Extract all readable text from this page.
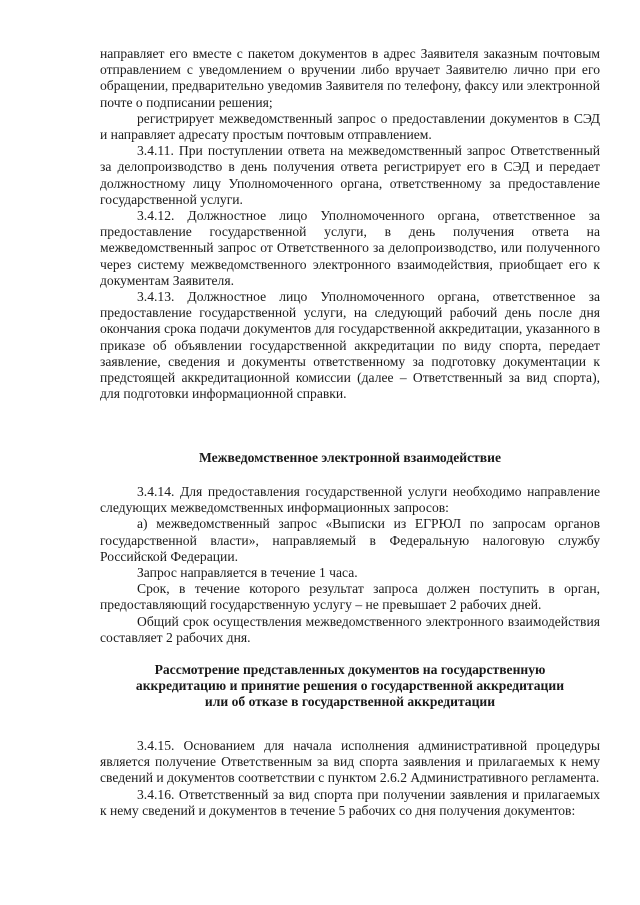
направляет его вместе с пакетом документов в адрес Заявителя заказным почтовым отправлением с уведомлением о вручении либо вручает Заявителю лично при его обращении, предварительно уведомив Заявителя по телефону, факсу или электронной почте о подписании решения;

регистрирует межведомственный запрос о предоставлении документов в СЭД и направляет адресату простым почтовым отправлением.

3.4.11. При поступлении ответа на межведомственный запрос Ответственный за делопроизводство в день получения ответа регистрирует его в СЭД и передает должностному лицу Уполномоченного органа, ответственному за предоставление государственной услуги.

3.4.12. Должностное лицо Уполномоченного органа, ответственное за предоставление государственной услуги, в день получения ответа на межведомственный запрос от Ответственного за делопроизводство, или полученного через систему межведомственного электронного взаимодействия, приобщает его к документам Заявителя.

3.4.13. Должностное лицо Уполномоченного органа, ответственное за предоставление государственной услуги, на следующий рабочий день после дня окончания срока подачи документов для государственной аккредитации, указанного в приказе об объявлении государственной аккредитации по виду спорта, передает заявление, сведения и документы ответственному за подготовку документации к предстоящей аккредитационной комиссии (далее – Ответственный за вид спорта), для подготовки информационной справки.

Межведомственное электронной взаимодействие

3.4.14. Для предоставления государственной услуги необходимо направление следующих межведомственных информационных запросов:

а) межведомственный запрос «Выписки из ЕГРЮЛ по запросам органов государственной власти», направляемый в Федеральную налоговую службу Российской Федерации.

Запрос направляется в течение 1 часа.

Срок, в течение которого результат запроса должен поступить в орган, предоставляющий государственную услугу – не превышает 2 рабочих дней.

Общий срок осуществления межведомственного электронного взаимодействия составляет 2 рабочих дня.

Рассмотрение представленных документов на государственную

аккредитацию и принятие решения о государственной аккредитации

или об отказе в государственной аккредитации

3.4.15. Основанием для начала исполнения административной процедуры является получение Ответственным за вид спорта заявления и прилагаемых к нему сведений и документов соответствии с пунктом 2.6.2 Административного регламента.

3.4.16. Ответственный за вид спорта при получении заявления и прилагаемых к нему сведений и документов в течение 5 рабочих со дня получения документов:
